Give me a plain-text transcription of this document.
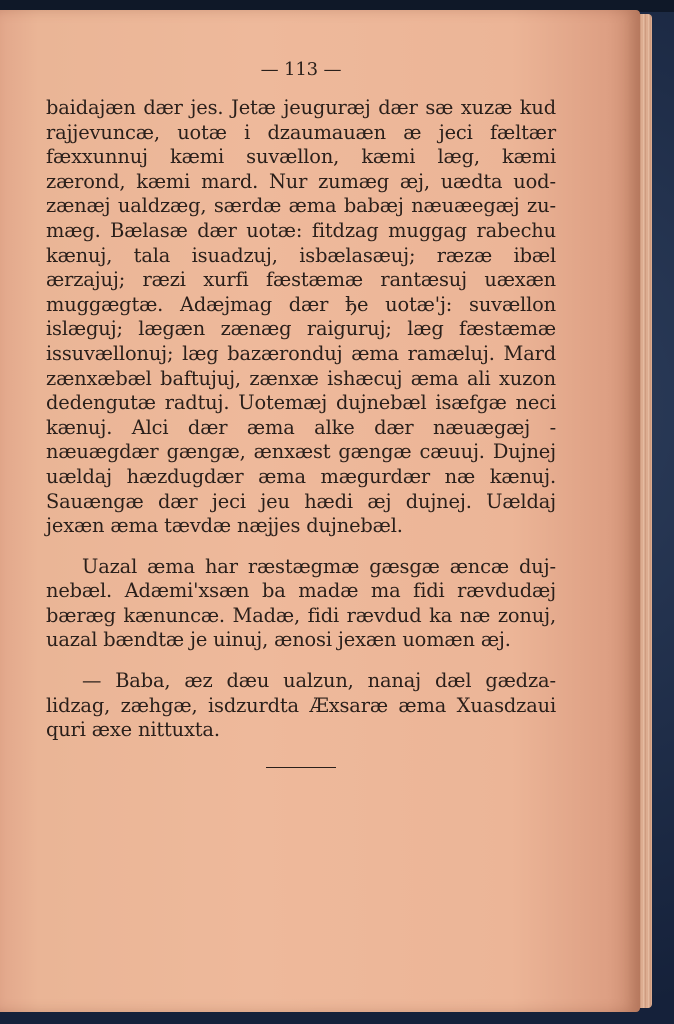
— 113 —

baidajæn dær jes. Jetæ jeuguræj dær sæ xuzæ kud rajjevuncæ, uotæ i dzaumauæn æ jeci fæltær fæxxunnuj kæmi suvællon, kæmi læg, kæmi zærond, kæmi mard. Nur zumæg æj, uædta uodzænæj ualdzæg, særdæ æma babæj næuæegæj zumæg. Bælasæ dær uotæ: fitdzag muggag rabechu kænuj, tala isuadzuj, isbælasæuj; ræzæ ibæl ærzajuj; ræzi xurfi fæstæmæ rantæsuj uæxæn muggægtæ. Adæjmag dær ђe uotæ'j: suvællon islæguj; lægæn zænæg raiguruj; læg fæstæmæ issuvællonuj; læg bazæronduj æma ramæluj. Mard zænxæbæl baftujuj, zænxæ ishæcuj æma ali xuzon dedengutæ radtuj. Uotemæj dujnebæl isæfgæ neci kænuj. Alci dær æma alke dær næuægæj - næuægdær gængæ, ænxæst gængæ cæuuj. Dujnej uældaj hæzdugdær æma mægurdær næ kænuj. Sauængæ dær jeci jeu hædi æj dujnej. Uældaj jexæn æma tævdæ næjjes dujnebæl.

Uazal æma har ræstægmæ gæsgæ æncæ dujnebæl. Adæmi'xsæn ba madæ ma fidi rævdudæj bæræg kænuncæ. Madæ, fidi rævdud ka næ zonuj, uazal bændtæ je uinuj, ænosi jexæn uomæn æj.

— Baba, æz dæu ualzun, nanaj dæl gædzalidzag, zæhgæ, isdzurdta Æxsaræ æma Xuasdzaui quri æxe nittuxta.
